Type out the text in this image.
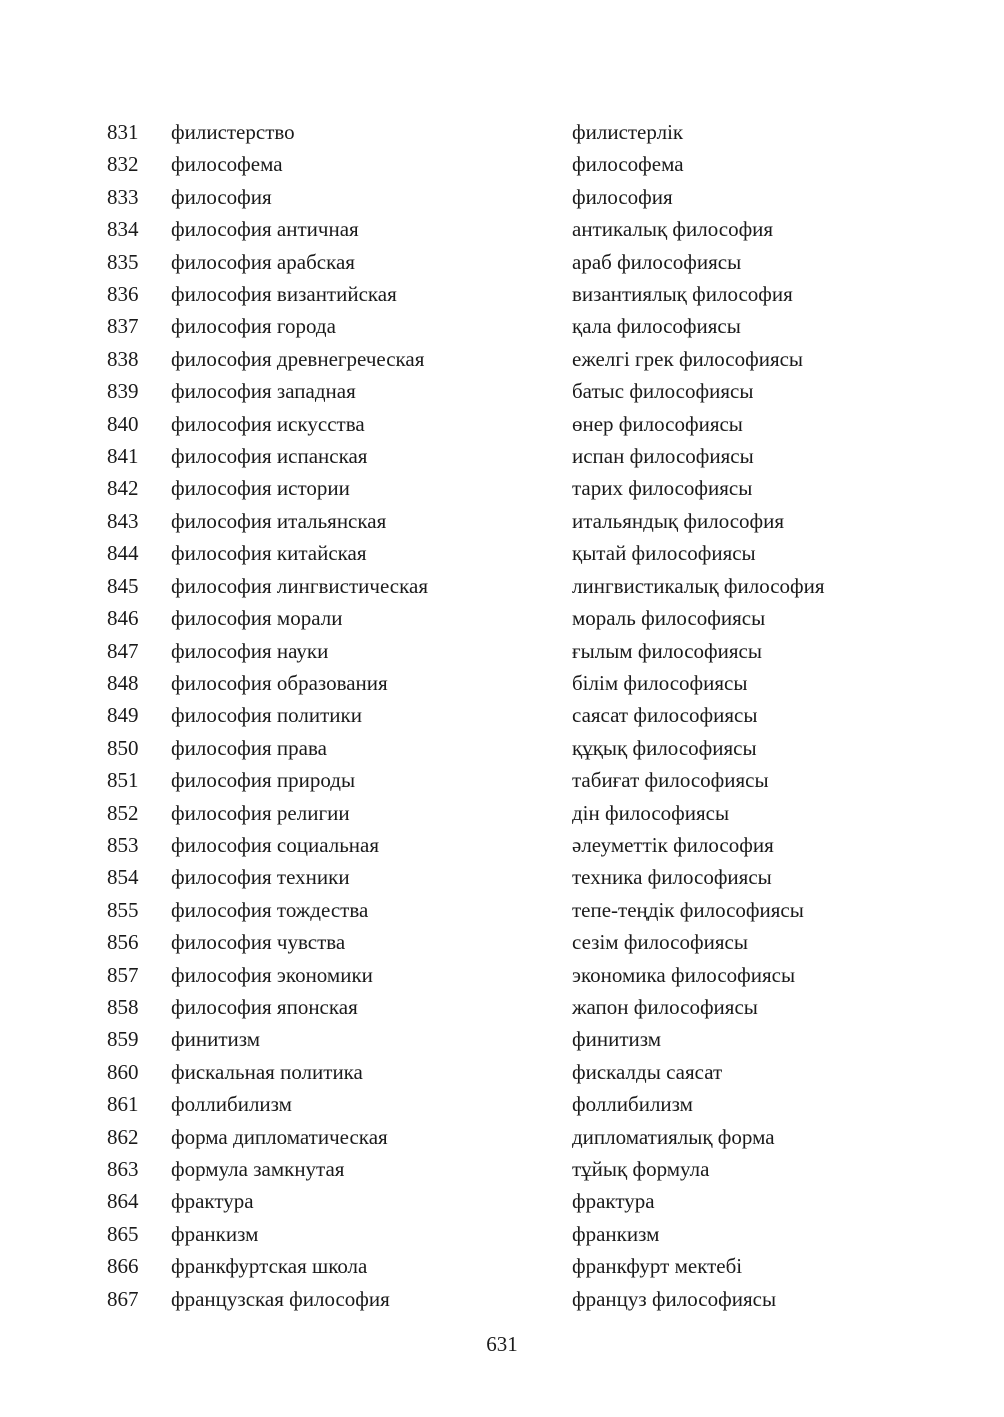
831 филистерство	филистерлік
832 философема	философема
833 философия	философия
834 философия античная	антикалық философия
835 философия арабская	араб философиясы
836 философия византийская	византиялық философия
837 философия города	қала философиясы
838 философия древнегреческая	ежелгі грек философиясы
839 философия западная	батыс философиясы
840 философия искусства	өнер философиясы
841 философия испанская	испан философиясы
842 философия истории	тарих философиясы
843 философия итальянская	итальяндық философия
844 философия китайская	қытай философиясы
845 философия лингвистическая	лингвистикалық философия
846 философия морали	мораль философиясы
847 философия науки	ғылым философиясы
848 философия образования	білім философиясы
849 философия политики	саясат философиясы
850 философия права	құқық философиясы
851 философия природы	табиғат философиясы
852 философия религии	дін философиясы
853 философия социальная	әлеуметтік философия
854 философия техники	техника философиясы
855 философия тождества	тепе-теңдік философиясы
856 философия чувства	сезім философиясы
857 философия экономики	экономика философиясы
858 философия японская	жапон философиясы
859 финитизм	финитизм
860 фискальная политика	фискалды саясат
861 фоллибилизм	фоллибилизм
862 форма дипломатическая	дипломатиялық форма
863 формула замкнутая	тұйық формула
864 фрактура	фрактура
865 франкизм	франкизм
866 франкфуртская школа	франкфурт мектебі
867 французская философия	француз философиясы
631
